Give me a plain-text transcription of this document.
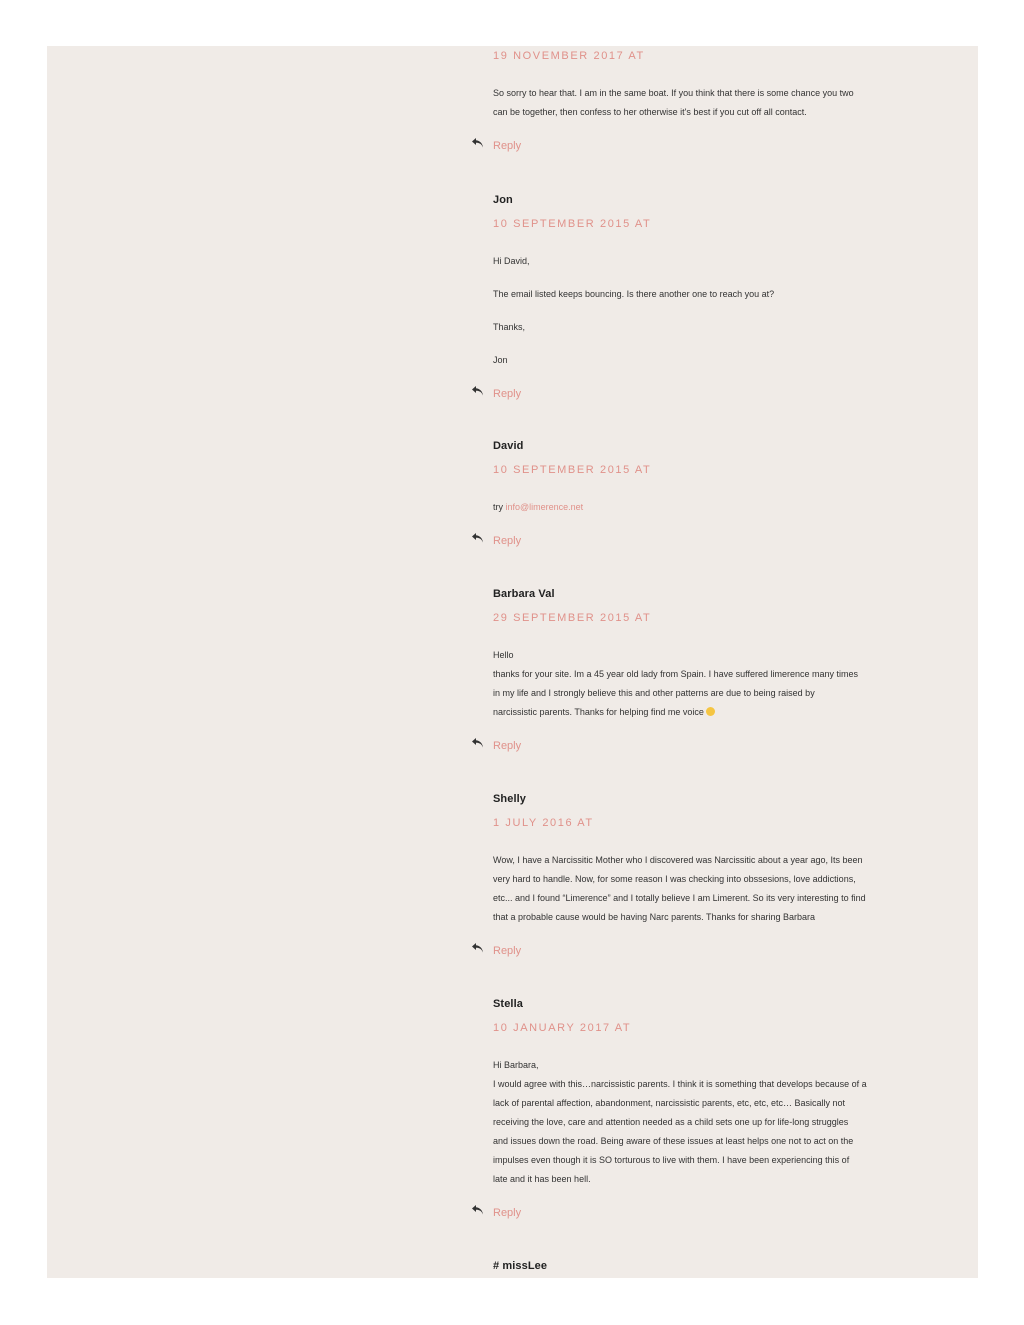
19 NOVEMBER 2017 AT

So sorry to hear that. I am in the same boat. If you think that there is some chance you two
can be together, then confess to her otherwise it's best if you cut off all contact.

Reply
Jon
10 SEPTEMBER 2015 AT

Hi David,

The email listed keeps bouncing. Is there another one to reach you at?

Thanks,

Jon

Reply
David
10 SEPTEMBER 2015 AT

try info@limerence.net

Reply
Barbara Val
29 SEPTEMBER 2015 AT

Hello
thanks for your site. Im a 45 year old lady from Spain. I have suffered limerence many times
in my life and I strongly believe this and other patterns are due to being raised by
narcissistic parents. Thanks for helping find me voice

Reply
Shelly
1 JULY 2016 AT

Wow, I have a Narcissitic Mother who I discovered was Narcissitic about a year ago, Its been
very hard to handle. Now, for some reason I was checking into obssesions, love addictions,
etc... and I found “Limerence” and I totally believe I am Limerent. So its very interesting to find
that a probable cause would be having Narc parents. Thanks for sharing Barbara

Reply
Stella
10 JANUARY 2017 AT

Hi Barbara,
I would agree with this…narcissistic parents. I think it is something that develops because of a
lack of parental affection, abandonment, narcissistic parents, etc, etc, etc… Basically not
receiving the love, care and attention needed as a child sets one up for life-long struggles
and issues down the road. Being aware of these issues at least helps one not to act on the
impulses even though it is SO torturous to live with them. I have been experiencing this of
late and it has been hell.

Reply
# missLee
